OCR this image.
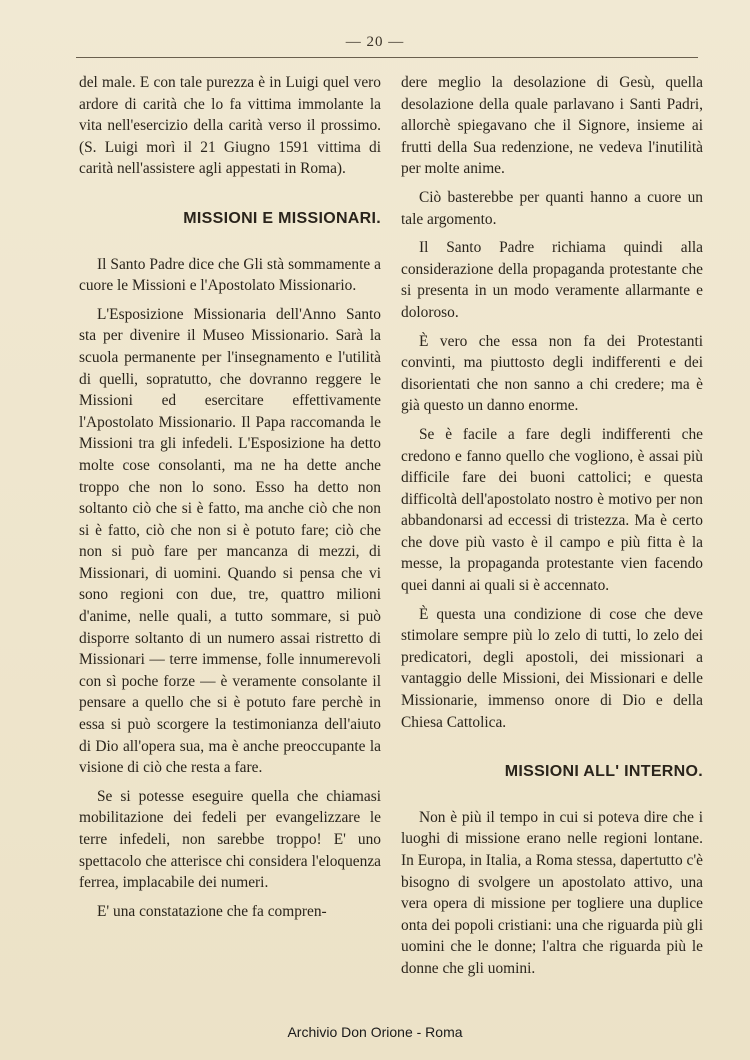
— 20 —

del male. E con tale purezza è in Luigi quel vero ardore di carità che lo fa vittima immolante la vita nell'esercizio della carità verso il prossimo. (S. Luigi morì il 21 Giugno 1591 vittima di carità nell'assistere agli appestati in Roma).

MISSIONI E MISSIONARI.

Il Santo Padre dice che Gli stà sommamente a cuore le Missioni e l'Apostolato Missionario.

L'Esposizione Missionaria dell'Anno Santo sta per divenire il Museo Missionario. Sarà la scuola permanente per l'insegnamento e l'utilità di quelli, sopratutto, che dovranno reggere le Missioni ed esercitare effettivamente l'Apostolato Missionario. Il Papa raccomanda le Missioni tra gli infedeli. L'Esposizione ha detto molte cose consolanti, ma ne ha dette anche troppo che non lo sono. Esso ha detto non soltanto ciò che si è fatto, ma anche ciò che non si è fatto, ciò che non si è potuto fare; ciò che non si può fare per mancanza di mezzi, di Missionari, di uomini. Quando si pensa che vi sono regioni con due, tre, quattro milioni d'anime, nelle quali, a tutto sommare, si può disporre soltanto di un numero assai ristretto di Missionari — terre immense, folle innumerevoli con sì poche forze — è veramente consolante il pensare a quello che si è potuto fare perchè in essa si può scorgere la testimonianza dell'aiuto di Dio all'opera sua, ma è anche preoccupante la visione di ciò che resta a fare.

Se si potesse eseguire quella che chiamasi mobilitazione dei fedeli per evangelizzare le terre infedeli, non sarebbe troppo! E' uno spettacolo che atterisce chi considera l'eloquenza ferrea, implacabile dei numeri.

E' una constatazione che fa compren-

dere meglio la desolazione di Gesù, quella desolazione della quale parlavano i Santi Padri, allorchè spiegavano che il Signore, insieme ai frutti della Sua redenzione, ne vedeva l'inutilità per molte anime.

Ciò basterebbe per quanti hanno a cuore un tale argomento.

Il Santo Padre richiama quindi alla considerazione della propaganda protestante che si presenta in un modo veramente allarmante e doloroso.

È vero che essa non fa dei Protestanti convinti, ma piuttosto degli indifferenti e dei disorientati che non sanno a chi credere; ma è già questo un danno enorme.

Se è facile a fare degli indifferenti che credono e fanno quello che vogliono, è assai più difficile fare dei buoni cattolici; e questa difficoltà dell'apostolato nostro è motivo per non abbandonarsi ad eccessi di tristezza. Ma è certo che dove più vasto è il campo e più fitta è la messe, la propaganda protestante vien facendo quei danni ai quali si è accennato.

È questa una condizione di cose che deve stimolare sempre più lo zelo di tutti, lo zelo dei predicatori, degli apostoli, dei missionari a vantaggio delle Missioni, dei Missionari e delle Missionarie, immenso onore di Dio e della Chiesa Cattolica.

MISSIONI ALL' INTERNO.

Non è più il tempo in cui si poteva dire che i luoghi di missione erano nelle regioni lontane. In Europa, in Italia, a Roma stessa, dapertutto c'è bisogno di svolgere un apostolato attivo, una vera opera di missione per togliere una duplice onta dei popoli cristiani: una che riguarda più gli uomini che le donne; l'altra che riguarda più le donne che gli uomini.

Archivio Don Orione - Roma
